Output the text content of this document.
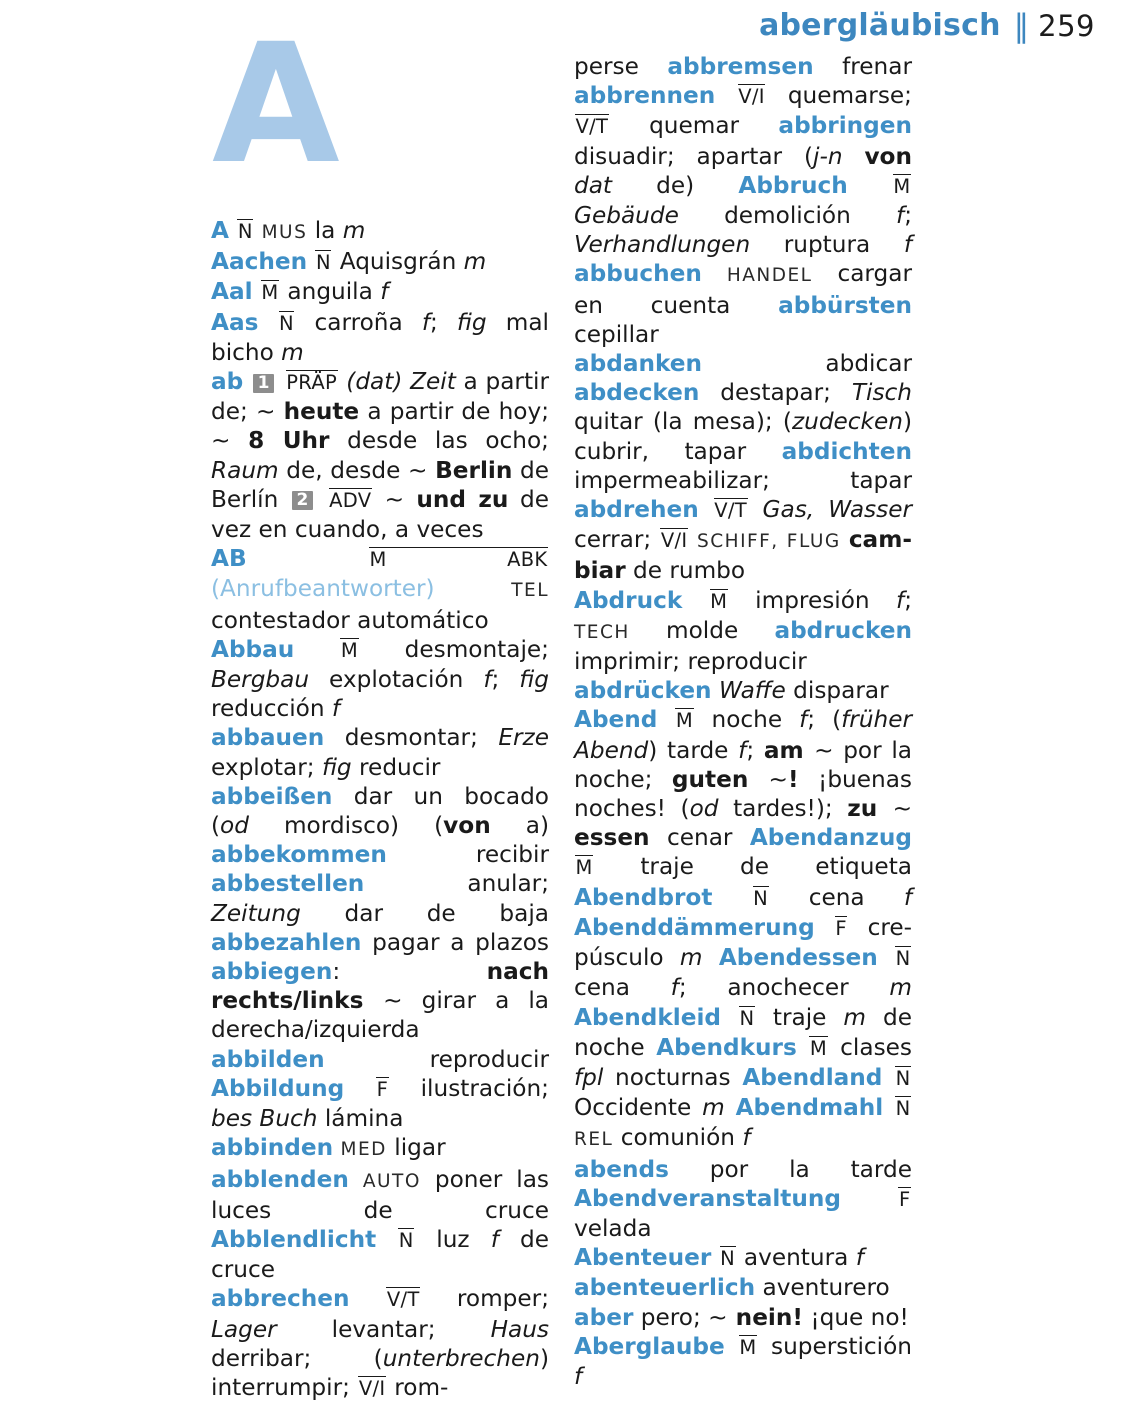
abergläubisch ‖ 259
A

A N MUS la m

Aachen N Aquisgrán m

Aal M anguila f

Aas N carroña f; fig mal bicho m

ab 1 PRÄP (dat) Zeit a partir de; ~ heute a partir de hoy; ~ 8 Uhr desde las ocho; Raum de, desde ~ Berlin de Berlín 2 ADV ~ und zu de vez en cuando, a veces

AB	M ABK (Anrufbeantworter)	TEL contestador automático

Abbau M desmontaje; Bergbau explotación f; fig reducción f

abbauen desmontar; Erze explotar; fig reducir

abbeißen dar un bocado (od mordisco) (von a) abbekommen	recibir abbestellen anular; Zeitung dar de baja abbezahlen pagar a plazos abbiegen: nach rechts/links ~ girar a la derecha/izquierda

abbilden reproducir Abbildung F ilustración; bes Buch lámina

abbinden MED ligar

abblenden AUTO poner las luces de cruce Abblendlicht N luz f de cruce

abbrechen V/T romper; Lager levantar; Haus derribar; (unterbrechen) interrumpir; V/I rom-

perse abbremsen frenar abbrennen V/I quemarse; V/T quemar abbringen disuadir; apartar (j-n von dat de) Abbruch M Gebäude demolición f; Verhandlungen ruptura f abbuchen HANDEL cargar en cuenta abbürsten cepillar

abdanken	abdicar abdecken destapar; Tisch quitar (la mesa); (zudecken) cubrir, tapar abdichten impermeabilizar; tapar abdrehen V/T Gas, Wasser cerrar; V/I SCHIFF, FLUG cambiar de rumbo

Abdruck M impresión f; TECH molde abdrucken imprimir; reproducir

abdrücken Waffe disparar

Abend M noche f; (früher Abend) tarde f; am ~ por la noche; guten ~! ¡buenas noches! (od tardes!); zu ~ essen cenar Abendanzug M traje de etiqueta Abendbrot N cena f Abenddämmerung F crepúsculo m Abendessen N cena f; anochecer m Abendkleid N traje m de noche Abendkurs M clases fpl nocturnas Abendland N Occidente m Abendmahl N REL comunión f

abends por la tarde Abendveranstaltung	F velada

Abenteuer N aventura f

abenteuerlich aventurero

aber pero; ~ nein! ¡que no!

Aberglaube M superstición f
